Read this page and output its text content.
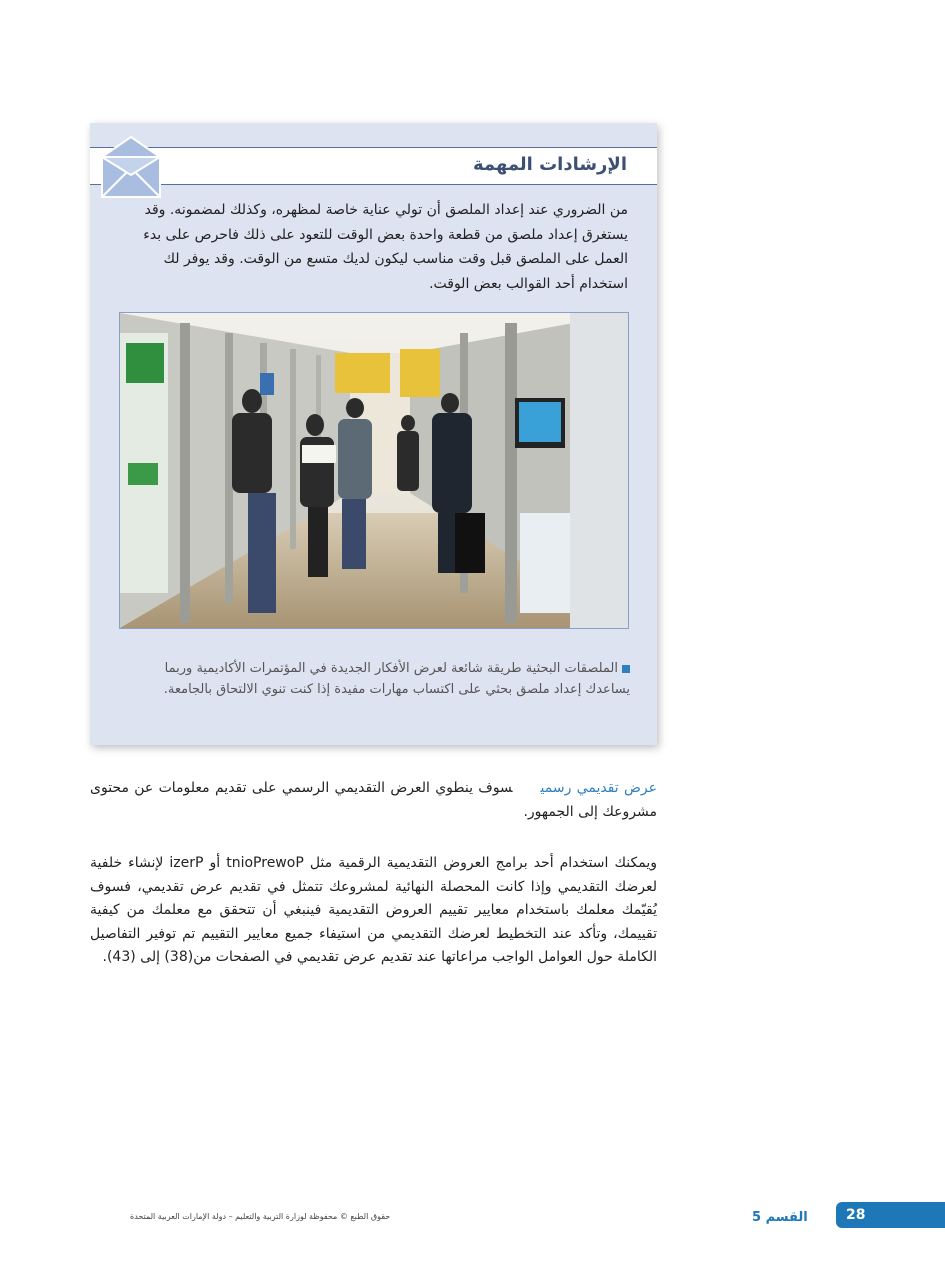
الإرشادات المهمة
من الضروري عند إعداد الملصق أن تولي عناية خاصة لمظهره، وكذلك لمضمونه. وقد يستغرق إعداد ملصق من قطعة واحدة بعض الوقت للتعود على ذلك فاحرص على بدء العمل على الملصق قبل وقت مناسب ليكون لديك متسع من الوقت. وقد يوفر لك استخدام أحد القوالب بعض الوقت.
الملصقات البحثية طريقة شائعة لعرض الأفكار الجديدة في المؤتمرات الأكاديمية وربما يساعدك إعداد ملصق بحثي على اكتساب مهارات مفيدة إذا كنت تنوي الالتحاق بالجامعة.
عرض تقديمي رسميسوف ينطوي العرض التقديمي الرسمي على تقديم معلومات عن محتوى مشروعك إلى الجمهور.
ويمكنك استخدام أحد برامج العروض التقديمية الرقمية مثل tnioPrewoP أو izerP لإنشاء خلفية لعرضك التقديمي وإذا كانت المحصلة النهائية لمشروعك تتمثل في تقديم عرض تقديمي، فسوف يُقيّمك معلمك باستخدام معايير تقييم العروض التقديمية فينبغي أن تتحقق مع معلمك من كيفية تقييمك، وتأكد عند التخطيط لعرضك التقديمي من استيفاء جميع معايير التقييم تم توفير التفاصيل الكاملة حول العوامل الواجب مراعاتها عند تقديم عرض تقديمي في الصفحات من(38) إلى (43).
28
القسم 5
حقوق الطبع © محفوظة لوزارة التربية والتعليم – دولة الإمارات العربية المتحدة
